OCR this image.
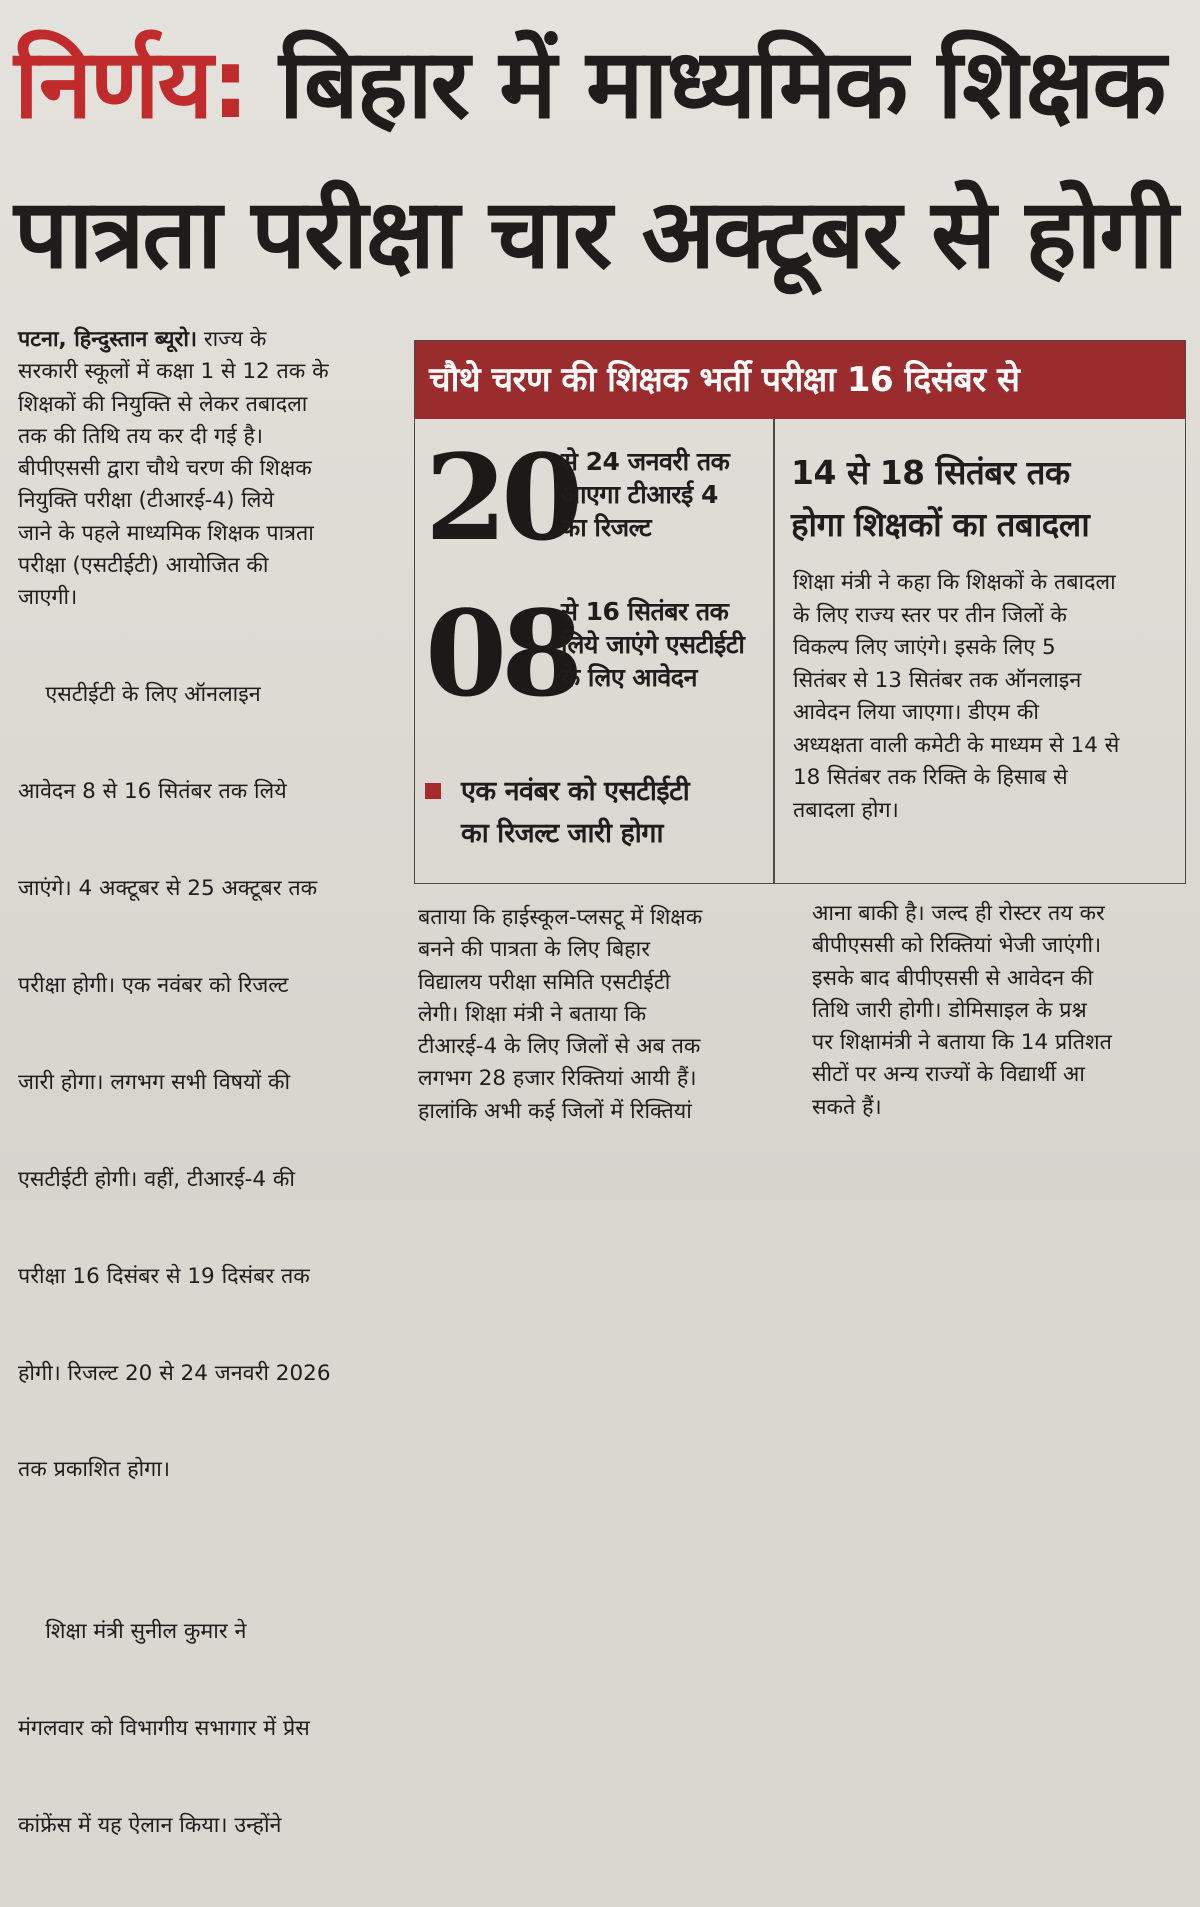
निर्णय: बिहार में माध्यमिक शिक्षक
पात्रता परीक्षा चार अक्टूबर से होगी
पटना, हिन्दुस्तान ब्यूरो। राज्य के
सरकारी स्कूलों में कक्षा 1 से 12 तक के
शिक्षकों की नियुक्ति से लेकर तबादला
तक की तिथि तय कर दी गई है।
बीपीएससी द्वारा चौथे चरण की शिक्षक
नियुक्ति परीक्षा (टीआरई-4) लिये
जाने के पहले माध्यमिक शिक्षक पात्रता
परीक्षा (एसटीईटी) आयोजित की
जाएगी।

एसटीईटी के लिए ऑनलाइन

आवेदन 8 से 16 सितंबर तक लिये

जाएंगे। 4 अक्टूबर से 25 अक्टूबर तक

परीक्षा होगी। एक नवंबर को रिजल्ट

जारी होगा। लगभग सभी विषयों की

एसटीईटी होगी। वहीं, टीआरई-4 की

परीक्षा 16 दिसंबर से 19 दिसंबर तक

होगी। रिजल्ट 20 से 24 जनवरी 2026

तक प्रकाशित होगा।

शिक्षा मंत्री सुनील कुमार ने

मंगलवार को विभागीय सभागार में प्रेस

कांफ्रेंस में यह ऐलान किया। उन्होंने

चौथे चरण की शिक्षक भर्ती परीक्षा 16 दिसंबर से
20
से 24 जनवरी तक
आएगा टीआरई 4
का रिजल्ट
08
से 16 सितंबर तक
लिये जाएंगे एसटीईटी
के लिए आवेदन
एक नवंबर को एसटीईटी
का रिजल्ट जारी होगा
14 से 18 सितंबर तक
होगा शिक्षकों का तबादला
शिक्षा मंत्री ने कहा कि शिक्षकों के तबादला
के लिए राज्य स्तर पर तीन जिलों के
विकल्प लिए जाएंगे। इसके लिए 5
सितंबर से 13 सितंबर तक ऑनलाइन
आवेदन लिया जाएगा। डीएम की
अध्यक्षता वाली कमेटी के माध्यम से 14 से
18 सितंबर तक रिक्ति के हिसाब से
तबादला होग।
बताया कि हाईस्कूल-प्लसटू में शिक्षक
बनने की पात्रता के लिए बिहार
विद्यालय परीक्षा समिति एसटीईटी
लेगी। शिक्षा मंत्री ने बताया कि
टीआरई-4 के लिए जिलों से अब तक
लगभग 28 हजार रिक्तियां आयी हैं।
हालांकि अभी कई जिलों में रिक्तियां
आना बाकी है। जल्द ही रोस्टर तय कर
बीपीएससी को रिक्तियां भेजी जाएंगी।
इसके बाद बीपीएससी से आवेदन की
तिथि जारी होगी। डोमिसाइल के प्रश्न
पर शिक्षामंत्री ने बताया कि 14 प्रतिशत
सीटों पर अन्य राज्यों के विद्यार्थी आ
सकते हैं।
